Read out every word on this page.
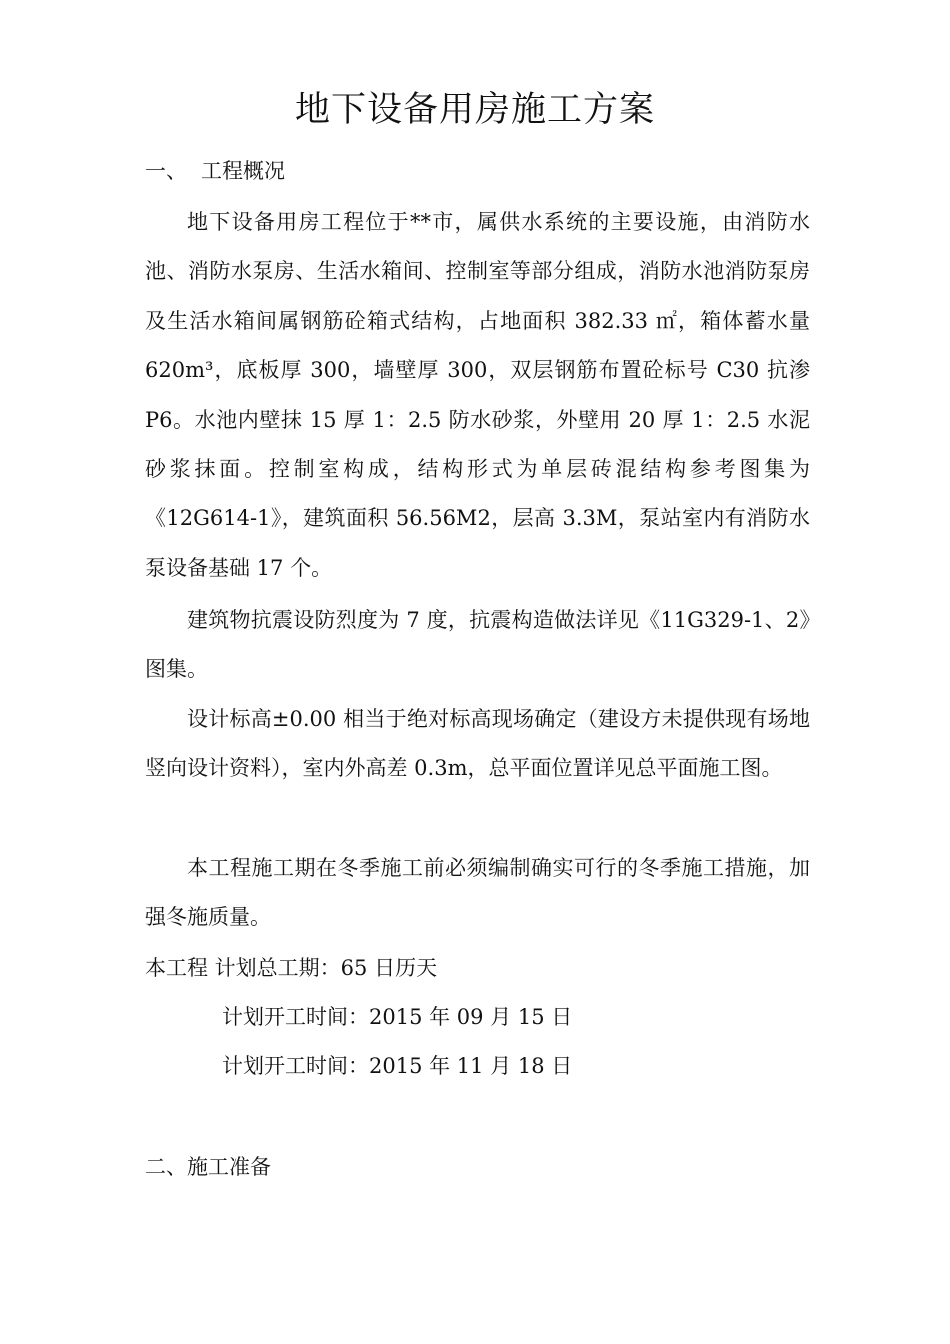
地下设备用房施工方案
一、 工程概况

地下设备用房工程位于**市，属供水系统的主要设施，由消防水池、消防水泵房、生活水箱间、控制室等部分组成，消防水池消防泵房及生活水箱间属钢筋砼箱式结构，占地面积 382.33 ㎡，箱体蓄水量 620m³，底板厚 300，墙壁厚 300，双层钢筋布置砼标号 C30 抗渗 P6。水池内壁抹 15 厚 1：2.5 防水砂浆，外壁用 20 厚 1：2.5 水泥砂浆抹面。控制室构成，结构形式为单层砖混结构参考图集为《12G614-1》，建筑面积 56.56M2，层高 3.3M，泵站室内有消防水泵设备基础 17 个。

建筑物抗震设防烈度为 7 度，抗震构造做法详见《11G329-1、2》图集。

设计标高±0.00 相当于绝对标高现场确定（建设方未提供现有场地竖向设计资料），室内外高差 0.3m，总平面位置详见总平面施工图。

本工程施工期在冬季施工前必须编制确实可行的冬季施工措施，加强冬施质量。

本工程 计划总工期：65 日历天
计划开工时间：2015 年 09 月 15 日
计划开工时间：2015 年 11 月 18 日
二、施工准备
